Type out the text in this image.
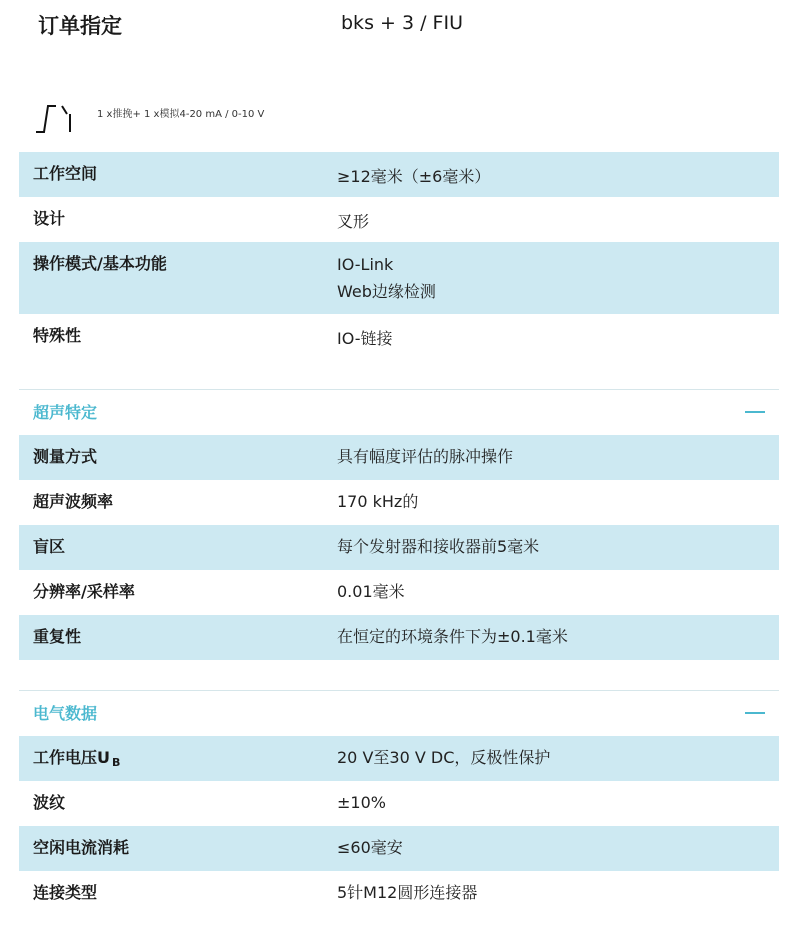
订单指定	bks + 3 / FIU
1 x推挽+ 1 x模拟4-20 mA / 0-10 V
工作空间	≥12毫米（±6毫米）
设计	叉形
操作模式/基本功能	IO-Link
Web边缘检测
特殊性	IO-链接
超声特定
测量方式	具有幅度评估的脉冲操作
超声波频率	170 kHz的
盲区	每个发射器和接收器前5毫米
分辨率/采样率	0.01毫米
重复性	在恒定的环境条件下为±0.1毫米
电气数据
工作电压U B	20 V至30 V DC，反极性保护
波纹	±10%
空闲电流消耗	≤60毫安
连接类型	5针M12圆形连接器
